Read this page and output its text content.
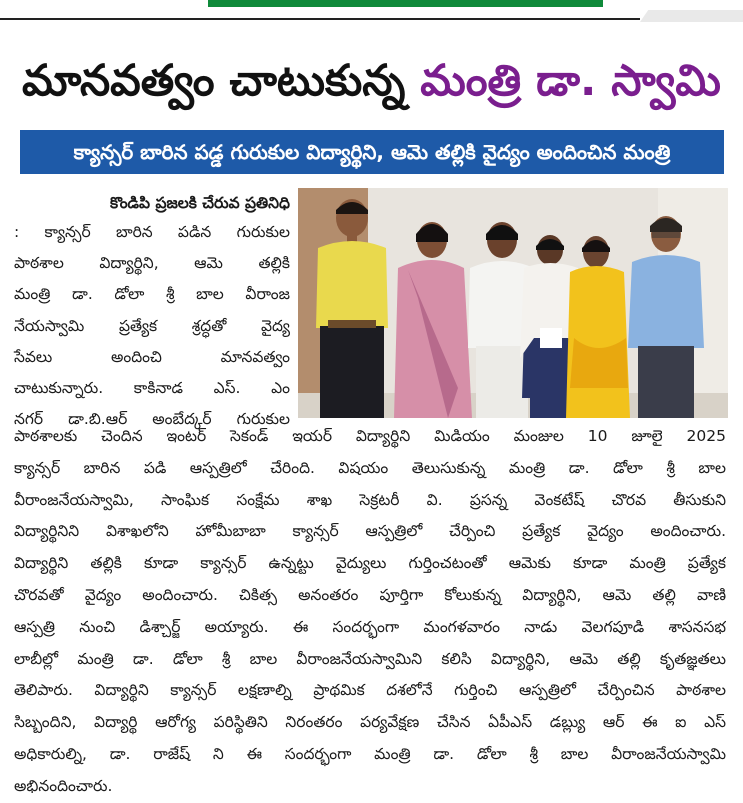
మానవత్వం చాటుకున్న మంత్రి డా. స్వామి
క్యాన్సర్ బారిన పడ్డ గురుకుల విద్యార్థిని, ఆమె తల్లికి వైద్యం అందించిన మంత్రి
కొండిపి ప్రజలకి చేరువ ప్రతినిధి
: క్యాన్సర్ బారిన పడిన గురుకుల
పాఠశాల విద్యార్థిని, ఆమె తల్లికి
మంత్రి డా. డోలా శ్రీ బాల వీరాంజ
నేయస్వామి ప్రత్యేక శ్రద్ధతో వైద్య
సేవలు అందించి మానవత్వం
చాటుకున్నారు. కాకినాడ ఎస్. ఎం
నగర్ డా.బి.ఆర్ అంబేద్కర్ గురుకుల
పాఠశాలకు చెందిన ఇంటర్ సెకండ్ ఇయర్ విద్యార్థిని మిడియం మంజుల 10 జూలై 2025
క్యాన్సర్ బారిన పడి ఆస్పత్రిలో చేరింది. విషయం తెలుసుకున్న మంత్రి డా. డోలా శ్రీ బాల
వీరాంజనేయస్వామి, సాంఘిక సంక్షేమ శాఖ సెక్రటరీ వి. ప్రసన్న వెంకటేష్ చొరవ తీసుకుని
విద్యార్థినిని విశాఖలోని హోమీబాబా క్యాన్సర్ ఆస్పత్రిలో చేర్పించి ప్రత్యేక వైద్యం అందించారు.
విద్యార్థిని తల్లికి కూడా క్యాన్సర్ ఉన్నట్టు వైద్యులు గుర్తించటంతో ఆమెకు కూడా మంత్రి ప్రత్యేక
చొరవతో వైద్యం అందించారు. చికిత్స అనంతరం పూర్తిగా కోలుకున్న విద్యార్థిని, ఆమె తల్లి వాణి
ఆస్పత్రి నుంచి డిశ్చార్జ్ అయ్యారు. ఈ సందర్భంగా మంగళవారం నాడు వెలగపూడి శాసనసభ
లాబీల్లో మంత్రి డా. డోలా శ్రీ బాల వీరాంజనేయస్వామిని కలిసి విద్యార్థిని, ఆమె తల్లి కృతజ్ఞతలు
తెలిపారు. విద్యార్థిని క్యాన్సర్ లక్షణాల్ని ప్రాథమిక దశలోనే గుర్తించి ఆస్పత్రిలో చేర్పించిన పాఠశాల
సిబ్బందిని, విద్యార్థి ఆరోగ్య పరిస్థితిని నిరంతరం పర్యవేక్షణ చేసిన ఏపీఎస్ డబ్ల్యు ఆర్ ఈ ఐ ఎస్
అధికారుల్ని, డా. రాజేష్ ని ఈ సందర్భంగా మంత్రి డా. డోలా శ్రీ బాల వీరాంజనేయస్వామి
అభినందించారు.
